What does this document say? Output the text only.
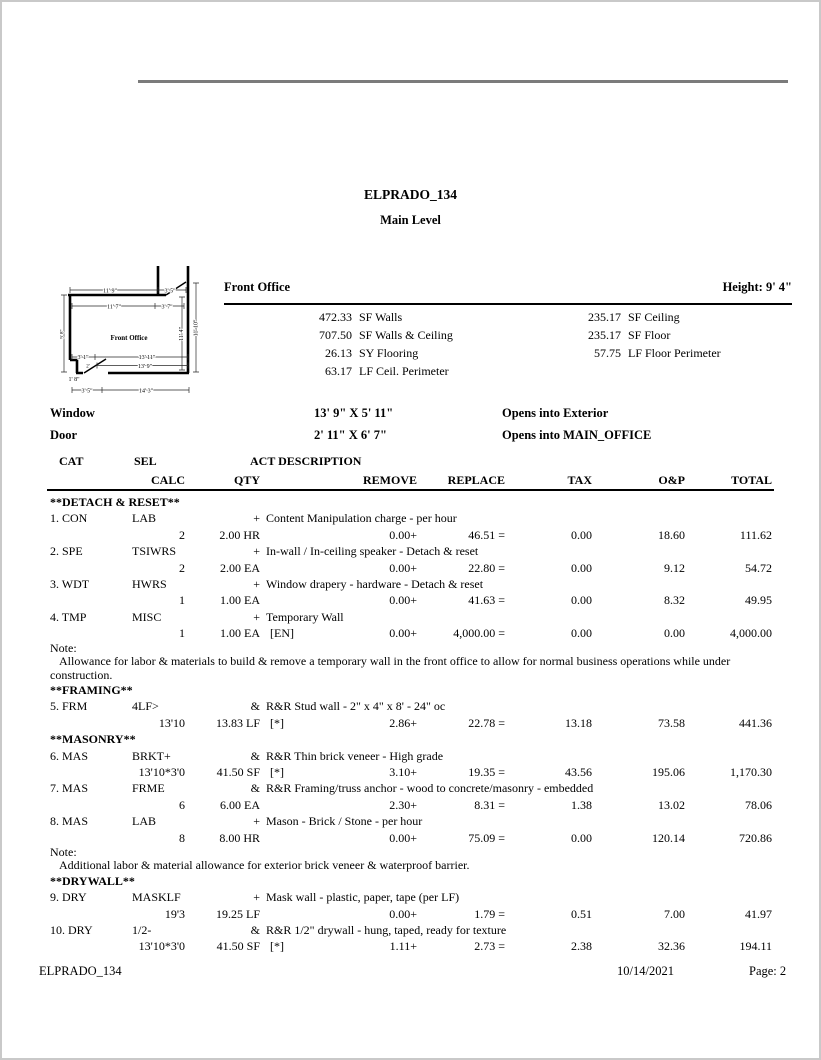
ELPRADO_134
Main Level
11' 9"	3' 5"
11' 7"	3' 7"
9' 8"	11' 4" 11' 10"
3' 1"	13' 11"
2'	13' 9"
1' 8"
3' 5"	14' 3"
Front Office
Front Office	Height: 9' 4"
472.33 SF Walls	235.17 SF Ceiling
707.50 SF Walls & Ceiling	235.17 SF Floor
26.13 SY Flooring	57.75 LF Floor Perimeter
63.17 LF Ceil. Perimeter
Window	13' 9" X 5' 11"	Opens into Exterior
Door	2' 11" X 6' 7"	Opens into MAIN_OFFICE
CAT	SEL	ACT DESCRIPTION
CALC	QTY	REMOVE	REPLACE	TAX	O&P	TOTAL
**DETACH & RESET**
1. CON	LAB	+ Content Manipulation charge - per hour
2	2.00 HR	0.00+	46.51 =	0.00	18.60	111.62
2. SPE	TSIWRS	+ In-wall / In-ceiling speaker - Detach & reset
2	2.00 EA	0.00+	22.80 =	0.00	9.12	54.72
3. WDT	HWRS	+ Window drapery - hardware - Detach & reset
1	1.00 EA	0.00+	41.63 =	0.00	8.32	49.95
4. TMP	MISC	+ Temporary Wall
1	1.00 EA [EN]	0.00+	4,000.00 =	0.00	0.00	4,000.00
Note:
Allowance for labor & materials to build & remove a temporary wall in the front office to allow for normal business operations while under
construction.
**FRAMING**
5. FRM	4LF>	& R&R Stud wall - 2" x 4" x 8' - 24" oc
13'10	13.83 LF [*]	2.86+	22.78 =	13.18	73.58	441.36
**MASONRY**
6. MAS	BRKT+	& R&R Thin brick veneer - High grade
13'10*3'0	41.50 SF [*]	3.10+	19.35 =	43.56	195.06	1,170.30
7. MAS	FRME	& R&R Framing/truss anchor - wood to concrete/masonry - embedded
6	6.00 EA	2.30+	8.31 =	1.38	13.02	78.06
8. MAS	LAB	+ Mason - Brick / Stone - per hour
8	8.00 HR	0.00+	75.09 =	0.00	120.14	720.86
Note:
Additional labor & material allowance for exterior brick veneer & waterproof barrier.
**DRYWALL**
9. DRY	MASKLF	+ Mask wall - plastic, paper, tape (per LF)
19'3	19.25 LF	0.00+	1.79 =	0.51	7.00	41.97
10. DRY	1/2-	& R&R 1/2" drywall - hung, taped, ready for texture
13'10*3'0	41.50 SF [*]	1.11+	2.73 =	2.38	32.36	194.11
ELPRADO_134	10/14/2021	Page: 2
